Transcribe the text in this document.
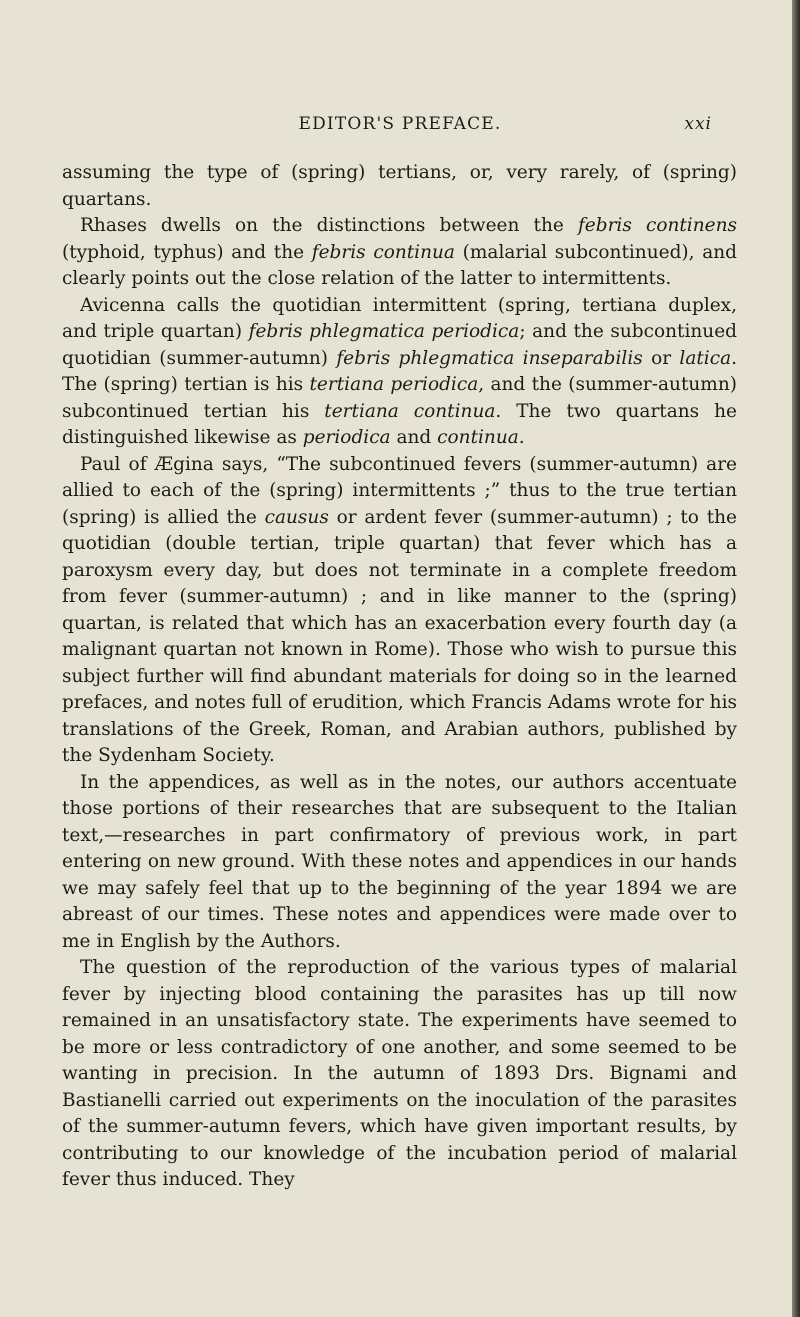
EDITOR'S PREFACE.	xxi

assuming the type of (spring) tertians, or, very rarely, of (spring) quartans.

Rhases dwells on the distinctions between the febris continens (typhoid, typhus) and the febris continua (malarial subcontinued), and clearly points out the close relation of the latter to intermittents.

Avicenna calls the quotidian intermittent (spring, tertiana duplex, and triple quartan) febris phlegmatica periodica; and the subcontinued quotidian (summer-autumn) febris phlegmatica inseparabilis or latica. The (spring) tertian is his tertiana periodica, and the (summer-autumn) subcontinued tertian his tertiana continua. The two quartans he distinguished likewise as periodica and continua.

Paul of Ægina says, “The subcontinued fevers (summer-autumn) are allied to each of the (spring) intermittents ;” thus to the true tertian (spring) is allied the causus or ardent fever (summer-autumn) ; to the quotidian (double tertian, triple quartan) that fever which has a paroxysm every day, but does not terminate in a complete freedom from fever (summer-autumn) ; and in like manner to the (spring) quartan, is related that which has an exacerbation every fourth day (a malignant quartan not known in Rome). Those who wish to pursue this subject further will find abundant materials for doing so in the learned prefaces, and notes full of erudition, which Francis Adams wrote for his translations of the Greek, Roman, and Arabian authors, published by the Sydenham Society.

In the appendices, as well as in the notes, our authors accentuate those portions of their researches that are subsequent to the Italian text,—researches in part confirmatory of previous work, in part entering on new ground. With these notes and appendices in our hands we may safely feel that up to the beginning of the year 1894 we are abreast of our times. These notes and appendices were made over to me in English by the Authors.

The question of the reproduction of the various types of malarial fever by injecting blood containing the parasites has up till now remained in an unsatisfactory state. The experiments have seemed to be more or less contradictory of one another, and some seemed to be wanting in precision. In the autumn of 1893 Drs. Bignami and Bastianelli carried out experiments on the inoculation of the parasites of the summer-autumn fevers, which have given important results, by contributing to our knowledge of the incubation period of malarial fever thus induced. They
